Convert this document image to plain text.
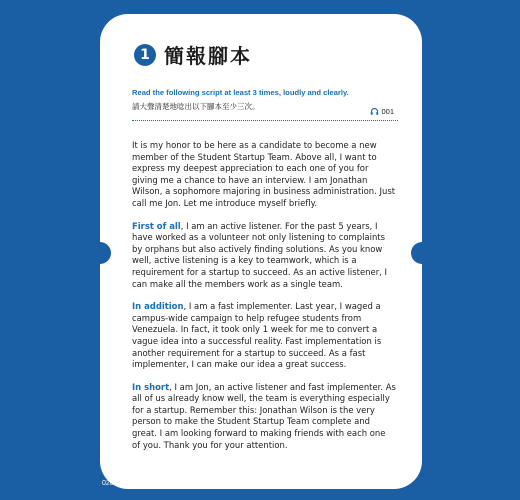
1 簡報腳本
Read the following script at least 3 times, loudly and clearly.
請大聲清楚地唸出以下腳本至少三次。
001

It is my honor to be here as a candidate to become a new member of the Student Startup Team. Above all, I want to express my deepest appreciation to each one of you for giving me a chance to have an interview. I am Jonathan Wilson, a sophomore majoring in business administration. Just call me Jon. Let me introduce myself briefly.

First of all, I am an active listener. For the past 5 years, I have worked as a volunteer not only listening to complaints by orphans but also actively finding solutions. As you know well, active listening is a key to teamwork, which is a requirement for a startup to succeed. As an active listener, I can make all the members work as a single team.

In addition, I am a fast implementer. Last year, I waged a campus-wide campaign to help refugee students from Venezuela. In fact, it took only 1 week for me to convert a vague idea into a successful reality. Fast implementation is another requirement for a startup to succeed. As a fast implementer, I can make our idea a great success.

In short, I am Jon, an active listener and fast implementer. As all of us already know well, the team is everything especially for a startup. Remember this: Jonathan Wilson is the very person to make the Student Startup Team complete and great. I am looking forward to making friends with each one of you. Thank you for your attention.

020
